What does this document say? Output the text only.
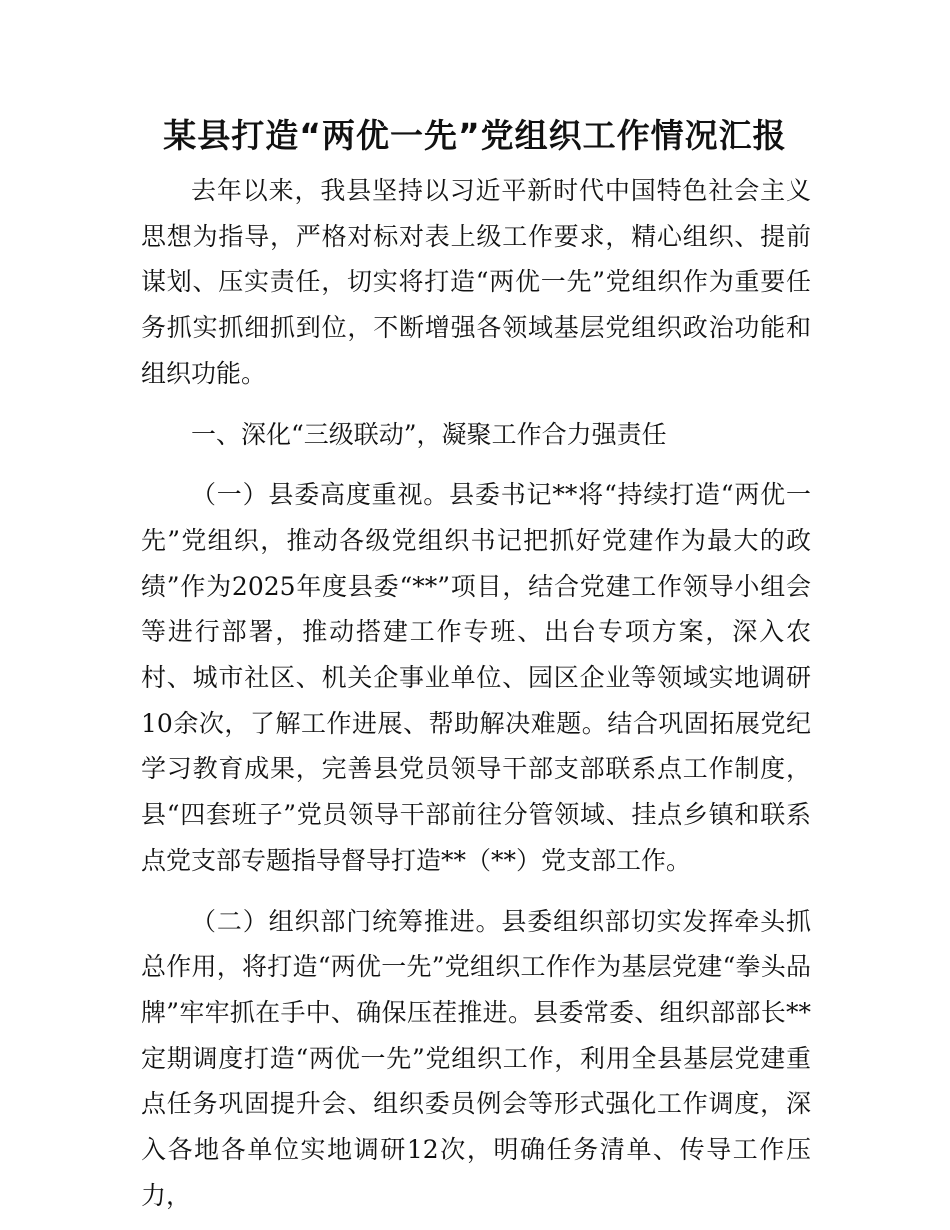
某县打造“两优一先”党组织工作情况汇报

去年以来，我县坚持以习近平新时代中国特色社会主义思想为指导，严格对标对表上级工作要求，精心组织、提前谋划、压实责任，切实将打造“两优一先”党组织作为重要任务抓实抓细抓到位，不断增强各领域基层党组织政治功能和组织功能。

一、深化“三级联动”，凝聚工作合力强责任

（一）县委高度重视。县委书记**将“持续打造“两优一先”党组织，推动各级党组织书记把抓好党建作为最大的政绩”作为2025年度县委“**”项目，结合党建工作领导小组会等进行部署，推动搭建工作专班、出台专项方案，深入农村、城市社区、机关企事业单位、园区企业等领域实地调研10余次，了解工作进展、帮助解决难题。结合巩固拓展党纪学习教育成果，完善县党员领导干部支部联系点工作制度，县“四套班子”党员领导干部前往分管领域、挂点乡镇和联系点党支部专题指导督导打造**（**）党支部工作。

（二）组织部门统筹推进。县委组织部切实发挥牵头抓总作用，将打造“两优一先”党组织工作作为基层党建“拳头品牌”牢牢抓在手中、确保压茬推进。县委常委、组织部部长**定期调度打造“两优一先”党组织工作，利用全县基层党建重点任务巩固提升会、组织委员例会等形式强化工作调度，深入各地各单位实地调研12次，明确任务清单、传导工作压力，
